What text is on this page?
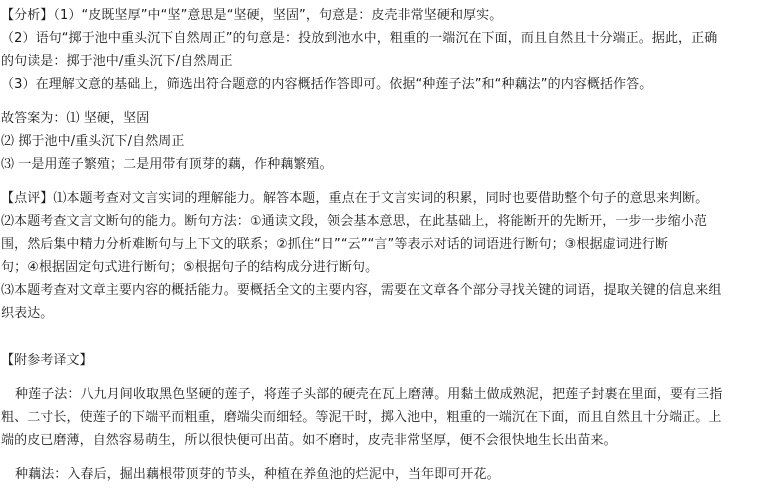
【分析】（1）“皮既坚厚”中“坚”意思是“坚硬，坚固”，句意是：皮壳非常坚硬和厚实。
（2）语句“掷于池中重头沉下自然周正”的句意是：投放到池水中，粗重的一端沉在下面，而且自然且十分端正。据此，正确
的句读是：掷于池中/重头沉下/自然周正
（3）在理解文意的基础上，筛选出符合题意的内容概括作答即可。依据“种莲子法”和“种藕法”的内容概括作答。
故答案为：⑴ 坚硬，坚固
⑵ 掷于池中/重头沉下/自然周正
⑶ 一是用莲子繁殖；二是用带有顶芽的藕，作种藕繁殖。
【点评】⑴本题考查对文言实词的理解能力。解答本题，重点在于文言实词的积累，同时也要借助整个句子的意思来判断。
⑵本题考查文言文断句的能力。断句方法：①通读文段，领会基本意思，在此基础上，将能断开的先断开，一步一步缩小范
围，然后集中精力分析难断句与上下文的联系；②抓住“日”“云”“言”等表示对话的词语进行断句；③根据虚词进行断
句；④根据固定句式进行断句；⑤根据句子的结构成分进行断句。
⑶本题考查对文章主要内容的概括能力。要概括全文的主要内容，需要在文章各个部分寻找关键的词语，提取关键的信息来组
织表达。
【附参考译文】
种莲子法：八九月间收取黑色坚硬的莲子，将莲子头部的硬壳在瓦上磨薄。用黏土做成熟泥，把莲子封裹在里面，要有三指
粗、二寸长，使莲子的下端平而粗重，磨端尖而细轻。等泥干时，掷入池中，粗重的一端沉在下面，而且自然且十分端正。上
端的皮已磨薄，自然容易萌生，所以很快便可出苗。如不磨时，皮壳非常坚厚，便不会很快地生长出苗来。
种藕法：入春后，掘出藕根带顶芽的节头，种植在养鱼池的烂泥中，当年即可开花。
